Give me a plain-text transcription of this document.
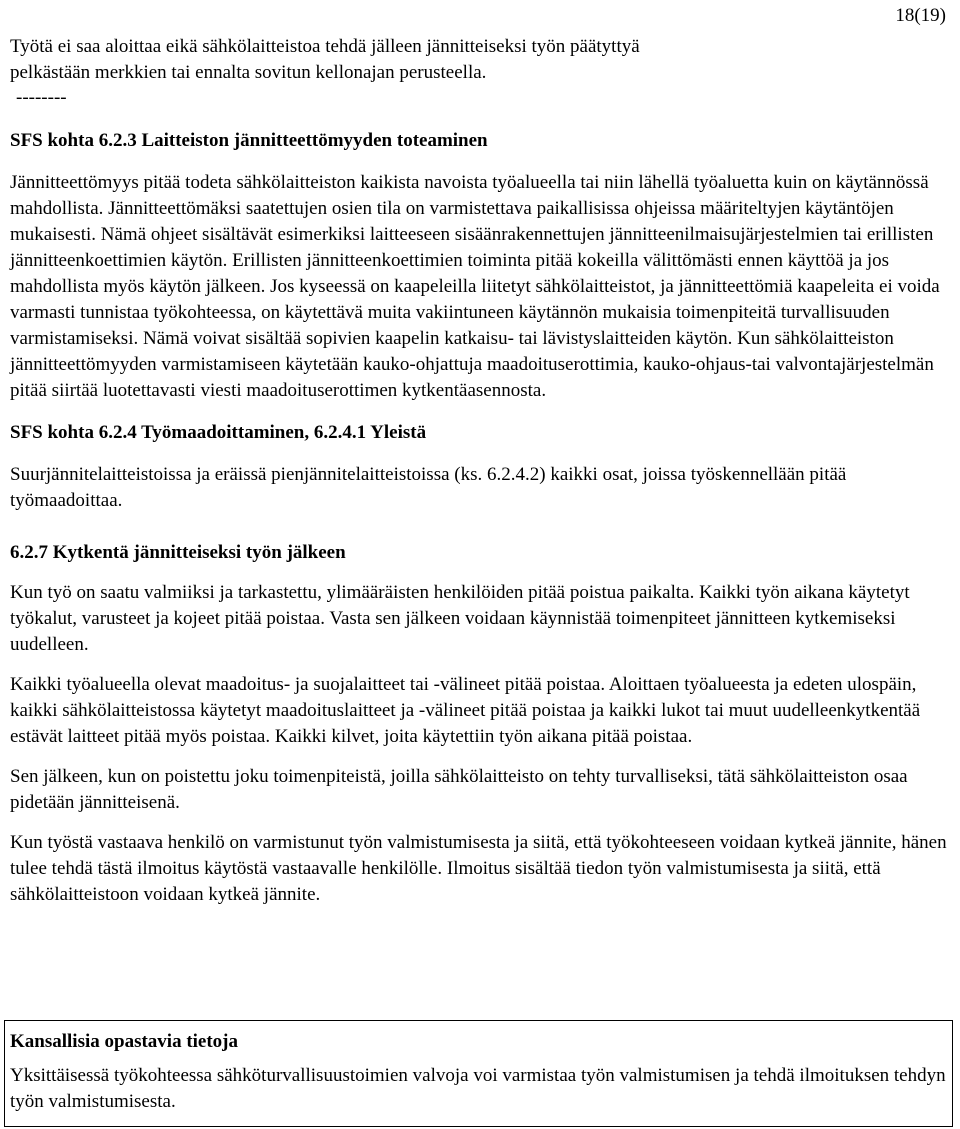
18(19)

Työtä ei saa aloittaa eikä sähkölaitteistoa tehdä jälleen jännitteiseksi työn päätyttyä

pelkästään merkkien tai ennalta sovitun kellonajan perusteella.

--------

SFS kohta 6.2.3 Laitteiston jännitteettömyyden toteaminen

Jännitteettömyys pitää todeta sähkölaitteiston kaikista navoista työalueella tai niin lähellä työaluetta kuin on käytännössä mahdollista. Jännitteettömäksi saatettujen osien tila on varmistettava paikallisissa ohjeissa määriteltyjen käytäntöjen mukaisesti. Nämä ohjeet sisältävät esimerkiksi laitteeseen sisäänrakennettujen jännitteenilmaisujärjestelmien tai erillisten jännitteenkoettimien käytön. Erillisten jännitteenkoettimien toiminta pitää kokeilla välittömästi ennen käyttöä ja jos mahdollista myös käytön jälkeen. Jos kyseessä on kaapeleilla liitetyt sähkölaitteistot, ja jännitteettömiä kaapeleita ei voida varmasti tunnistaa työkohteessa, on käytettävä muita vakiintuneen käytännön mukaisia toimenpiteitä turvallisuuden varmistamiseksi. Nämä voivat sisältää sopivien kaapelin katkaisu- tai lävistyslaitteiden käytön. Kun sähkölaitteiston jännitteettömyyden varmistamiseen käytetään kauko-ohjattuja maadoituserottimia, kauko-ohjaus-tai valvontajärjestelmän pitää siirtää luotettavasti viesti maadoituserottimen kytkentäasennosta.

SFS kohta 6.2.4 Työmaadoittaminen, 6.2.4.1 Yleistä

Suurjännitelaitteistoissa ja eräissä pienjännitelaitteistoissa (ks. 6.2.4.2) kaikki osat, joissa työskennellään pitää työmaadoittaa.

6.2.7 Kytkentä jännitteiseksi työn jälkeen

Kun työ on saatu valmiiksi ja tarkastettu, ylimääräisten henkilöiden pitää poistua paikalta. Kaikki työn aikana käytetyt työkalut, varusteet ja kojeet pitää poistaa. Vasta sen jälkeen voidaan käynnistää toimenpiteet jännitteen kytkemiseksi uudelleen.

Kaikki työalueella olevat maadoitus- ja suojalaitteet tai -välineet pitää poistaa. Aloittaen työalueesta ja edeten ulospäin, kaikki sähkölaitteistossa käytetyt maadoituslaitteet ja -välineet pitää poistaa ja kaikki lukot tai muut uudelleenkytkentää estävät laitteet pitää myös poistaa. Kaikki kilvet, joita käytettiin työn aikana pitää poistaa.

Sen jälkeen, kun on poistettu joku toimenpiteistä, joilla sähkölaitteisto on tehty turvalliseksi, tätä sähkölaitteiston osaa pidetään jännitteisenä.

Kun työstä vastaava henkilö on varmistunut työn valmistumisesta ja siitä, että työkohteeseen voidaan kytkeä jännite, hänen tulee tehdä tästä ilmoitus käytöstä vastaavalle henkilölle. Ilmoitus sisältää tiedon työn valmistumisesta ja siitä, että sähkölaitteistoon voidaan kytkeä jännite.

Kansallisia opastavia tietoja

Yksittäisessä työkohteessa sähköturvallisuustoimien valvoja voi varmistaa työn valmistumisen ja tehdä ilmoituksen tehdyn työn valmistumisesta.
